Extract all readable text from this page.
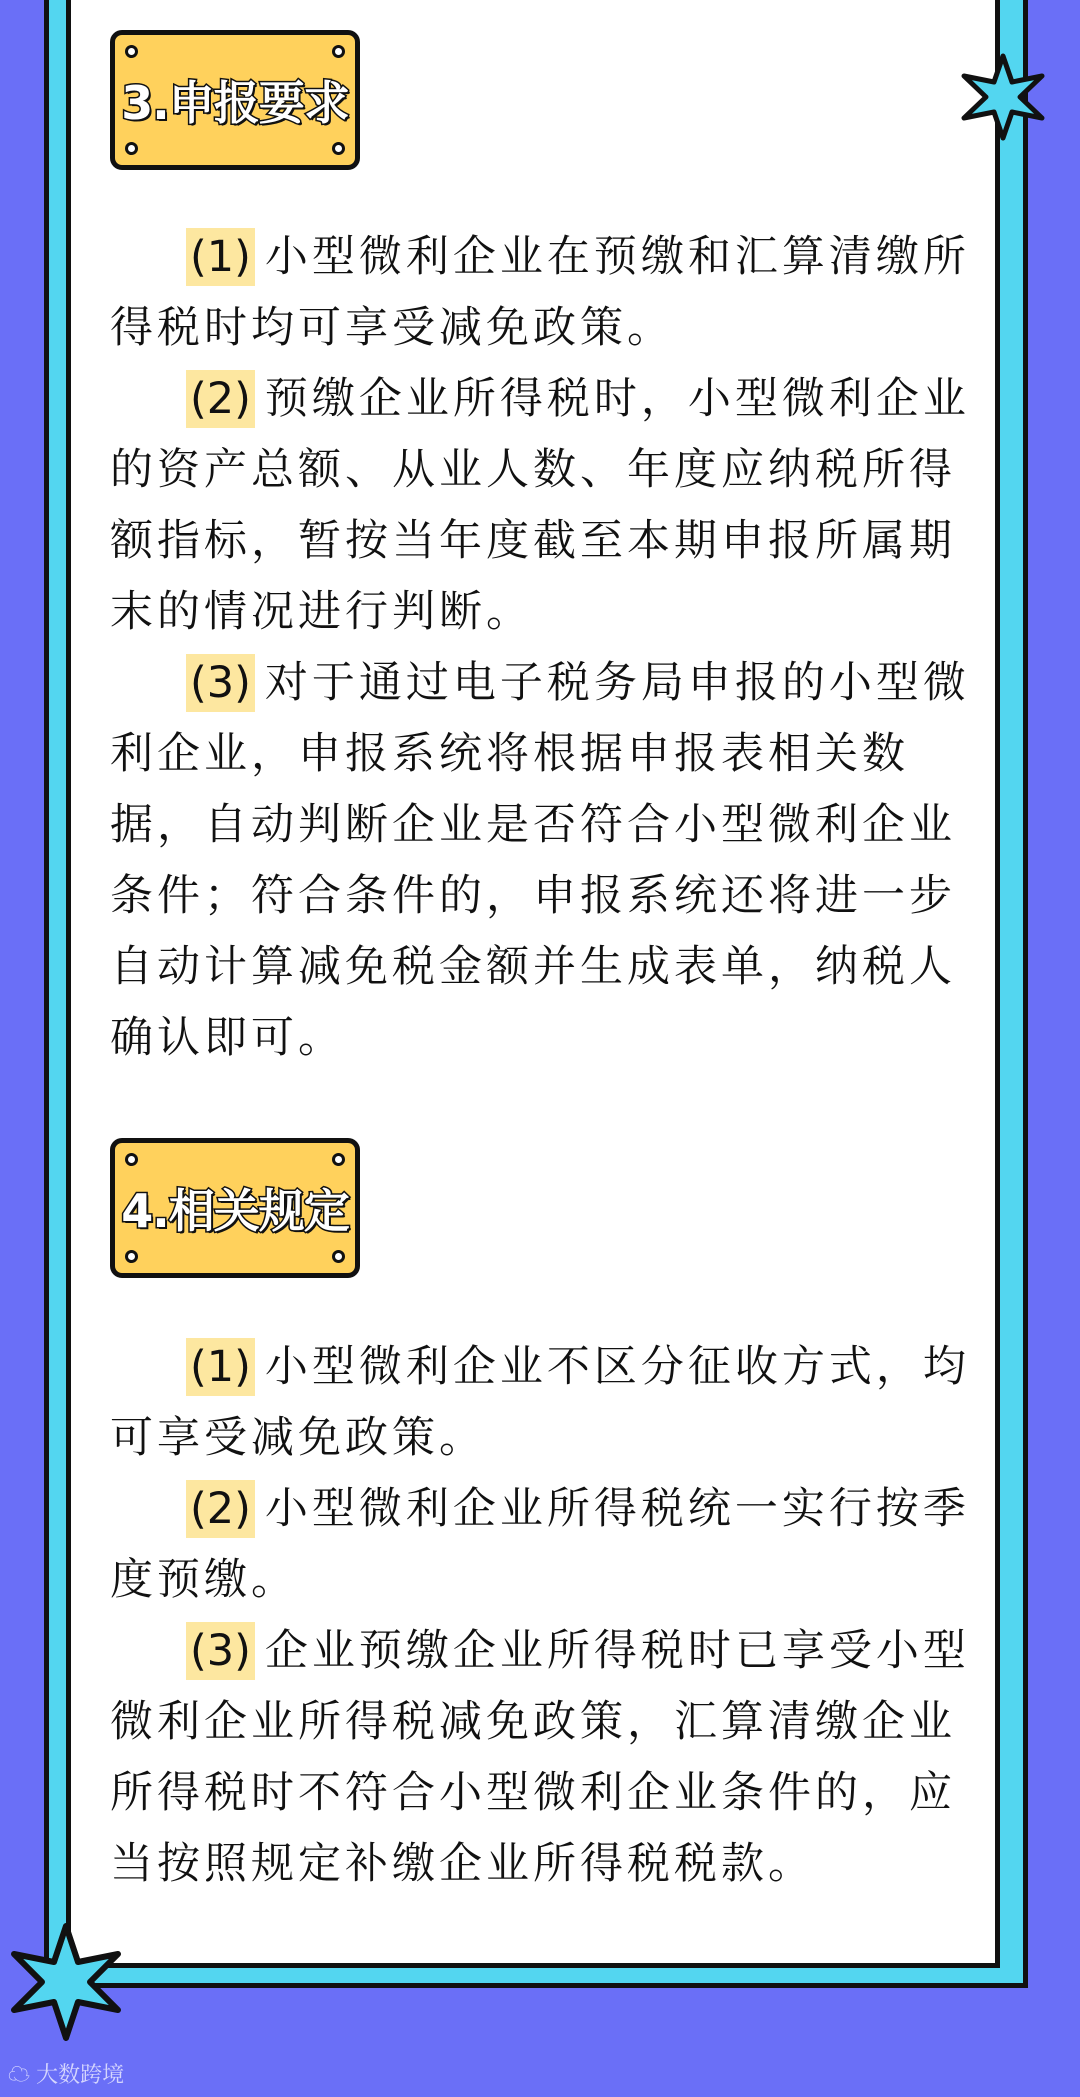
3.申报要求

(1) 小型微利企业在预缴和汇算清缴所得税时均可享受减免政策。

(2) 预缴企业所得税时，小型微利企业的资产总额、从业人数、年度应纳税所得额指标，暂按当年度截至本期申报所属期末的情况进行判断。

(3) 对于通过电子税务局申报的小型微利企业，申报系统将根据申报表相关数据，自动判断企业是否符合小型微利企业条件；符合条件的，申报系统还将进一步自动计算减免税金额并生成表单，纳税人确认即可。

4.相关规定

(1) 小型微利企业不区分征收方式，均可享受减免政策。

(2) 小型微利企业所得税统一实行按季度预缴。

(3) 企业预缴企业所得税时已享受小型微利企业所得税减免政策，汇算清缴企业所得税时不符合小型微利企业条件的，应当按照规定补缴企业所得税税款。

☁ 大数跨境
